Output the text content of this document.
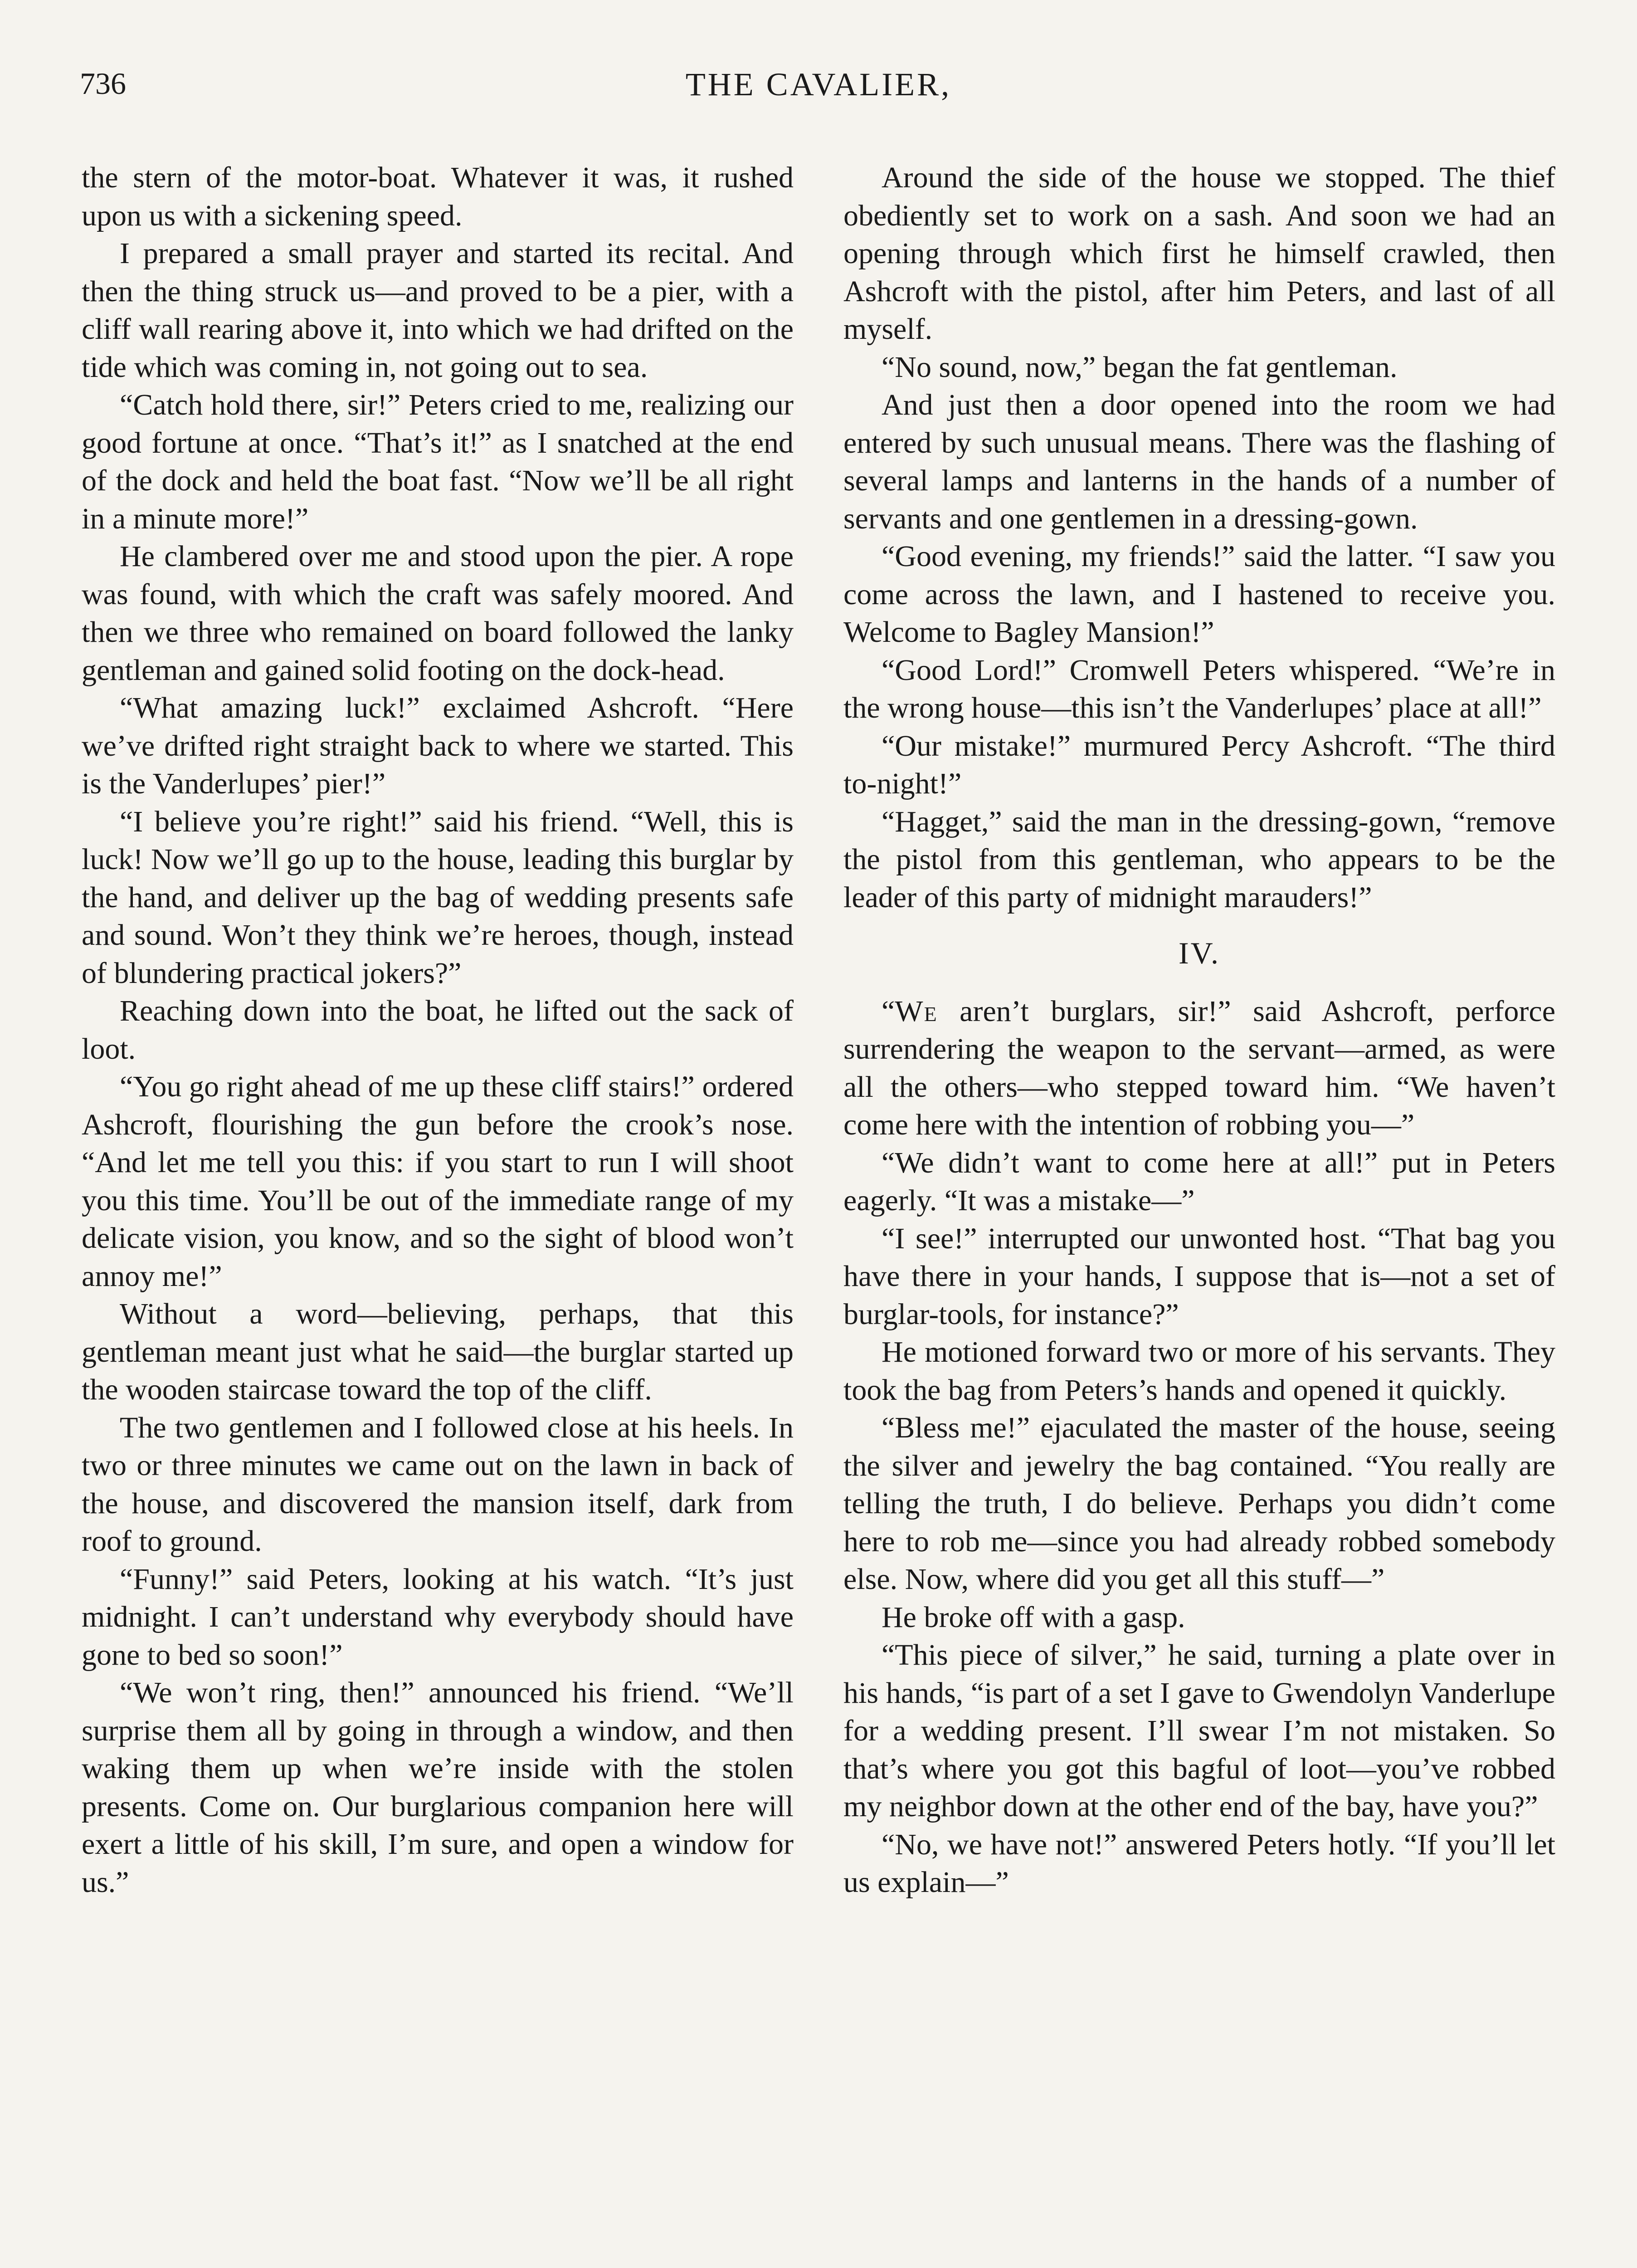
736	THE CAVALIER,

the stern of the motor-boat. Whatever it was, it rushed upon us with a sickening speed.

I prepared a small prayer and started its recital. And then the thing struck us—and proved to be a pier, with a cliff wall rearing above it, into which we had drifted on the tide which was coming in, not going out to sea.

“Catch hold there, sir!” Peters cried to me, realizing our good fortune at once. “That’s it!” as I snatched at the end of the dock and held the boat fast. “Now we’ll be all right in a minute more!”

He clambered over me and stood upon the pier. A rope was found, with which the craft was safely moored. And then we three who remained on board followed the lanky gentleman and gained solid footing on the dock-head.

“What amazing luck!” exclaimed Ashcroft. “Here we’ve drifted right straight back to where we started. This is the Vanderlupes’ pier!”

“I believe you’re right!” said his friend. “Well, this is luck! Now we’ll go up to the house, leading this burglar by the hand, and deliver up the bag of wedding presents safe and sound. Won’t they think we’re heroes, though, instead of blundering practical jokers?”

Reaching down into the boat, he lifted out the sack of loot.

“You go right ahead of me up these cliff stairs!” ordered Ashcroft, flourishing the gun before the crook’s nose. “And let me tell you this: if you start to run I will shoot you this time. You’ll be out of the immediate range of my delicate vision, you know, and so the sight of blood won’t annoy me!”

Without a word—believing, perhaps, that this gentleman meant just what he said—the burglar started up the wooden staircase toward the top of the cliff.

The two gentlemen and I followed close at his heels. In two or three minutes we came out on the lawn in back of the house, and discovered the mansion itself, dark from roof to ground.

“Funny!” said Peters, looking at his watch. “It’s just midnight. I can’t understand why everybody should have gone to bed so soon!”

“We won’t ring, then!” announced his friend. “We’ll surprise them all by going in through a window, and then waking them up when we’re inside with the stolen presents. Come on. Our burglarious companion here will exert a little of his skill, I’m sure, and open a window for us.”

Around the side of the house we stopped. The thief obediently set to work on a sash. And soon we had an opening through which first he himself crawled, then Ashcroft with the pistol, after him Peters, and last of all myself.

“No sound, now,” began the fat gentleman.

And just then a door opened into the room we had entered by such unusual means. There was the flashing of several lamps and lanterns in the hands of a number of servants and one gentlemen in a dressing-gown.

“Good evening, my friends!” said the latter. “I saw you come across the lawn, and I hastened to receive you. Welcome to Bagley Mansion!”

“Good Lord!” Cromwell Peters whispered. “We’re in the wrong house—this isn’t the Vanderlupes’ place at all!”

“Our mistake!” murmured Percy Ashcroft. “The third to-night!”

“Hagget,” said the man in the dressing-gown, “remove the pistol from this gentleman, who appears to be the leader of this party of midnight marauders!”

IV.

“We aren’t burglars, sir!” said Ashcroft, perforce surrendering the weapon to the servant—armed, as were all the others—who stepped toward him. “We haven’t come here with the intention of robbing you—”

“We didn’t want to come here at all!” put in Peters eagerly. “It was a mistake—”

“I see!” interrupted our unwonted host. “That bag you have there in your hands, I suppose that is—not a set of burglar-tools, for instance?”

He motioned forward two or more of his servants. They took the bag from Peters’s hands and opened it quickly.

“Bless me!” ejaculated the master of the house, seeing the silver and jewelry the bag contained. “You really are telling the truth, I do believe. Perhaps you didn’t come here to rob me—since you had already robbed somebody else. Now, where did you get all this stuff—”

He broke off with a gasp.

“This piece of silver,” he said, turning a plate over in his hands, “is part of a set I gave to Gwendolyn Vanderlupe for a wedding present. I’ll swear I’m not mistaken. So that’s where you got this bagful of loot—you’ve robbed my neighbor down at the other end of the bay, have you?”

“No, we have not!” answered Peters hotly. “If you’ll let us explain—”
